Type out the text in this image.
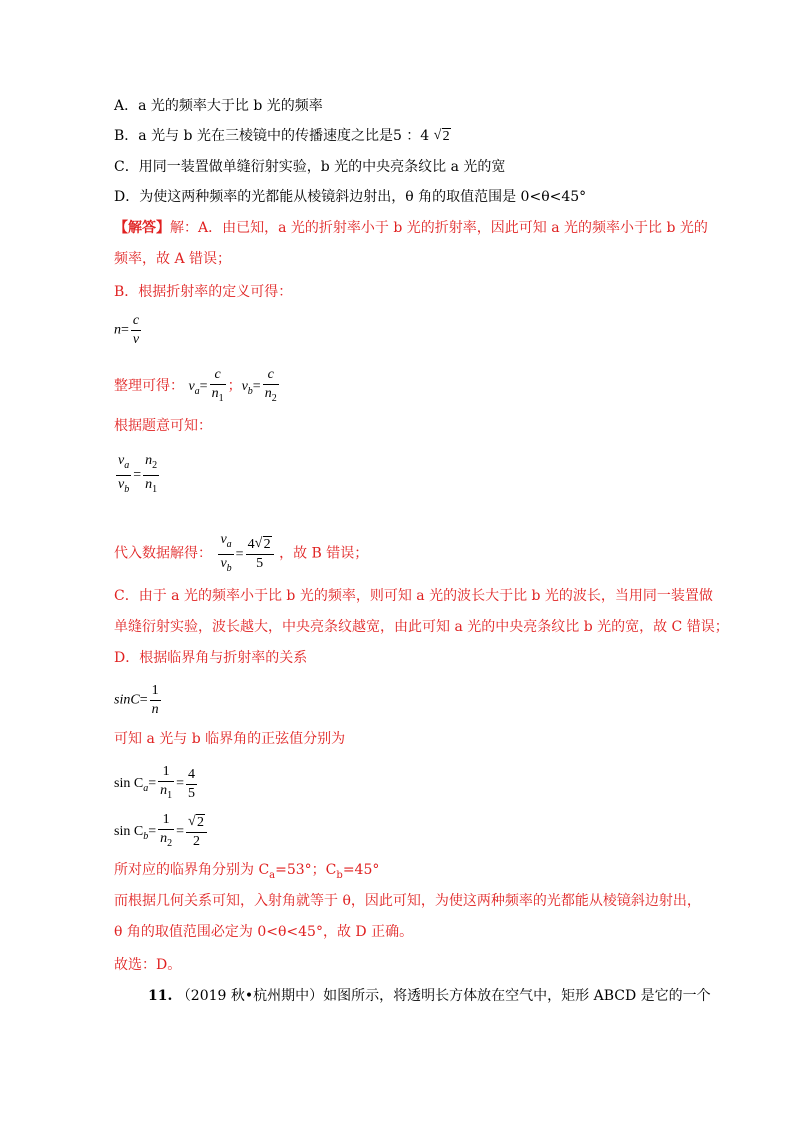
A．a 光的频率大于比 b 光的频率
B．a 光与 b 光在三棱镜中的传播速度之比是5 ：4 √ 2
C．用同一装置做单缝衍射实验，b 光的中央亮条纹比 a 光的宽
D．为使这两种频率的光都能从棱镜斜边射出，θ 角的取值范围是 0<θ<45°
【解答】解：A．由已知，a 光的折射率小于 b 光的折射率，因此可知 a 光的频率小于比 b 光的
频率，故 A 错误；
B．根据折射率的定义可得：
$n= \frac{c}{v}$
整理可得： $v_a= \frac{c}{n_1}$ ；$v_b= \frac{c}{n_2}$
根据题意可知：
$\frac{v_a}{v_b} = \frac{n_2}{n_1}$
代入数据解得： $\frac{v_a}{v_b} = \frac{4 √ 2}{5}$ ，故 B 错误；
C．由于 a 光的频率小于比 b 光的频率，则可知 a 光的波长大于比 b 光的波长，当用同一装置做
单缝衍射实验，波长越大，中央亮条纹越宽，由此可知 a 光的中央亮条纹比 b 光的宽，故 C 错误；
D．根据临界角与折射率的关系
$\sin C= \frac{1}{n}$
可知 a 光与 b 临界角的正弦值分别为
$\sin C_a= \frac{1}{n_1} = \frac{4}{5}$
$\sin C_b= \frac{1}{n_2} = \frac{√ 2}{2}$
所对应的临界角分别为 $C_a=53^\circ$；$C_b=45^\circ$
而根据几何关系可知，入射角就等于 θ，因此可知，为使这两种频率的光都能从棱镜斜边射出，
θ 角的取值范围必定为 0<θ<45°，故 D 正确。
故选：D。
11. （2019 秋•杭州期中）如图所示，将透明长方体放在空气中，矩形 ABCD 是它的一个
